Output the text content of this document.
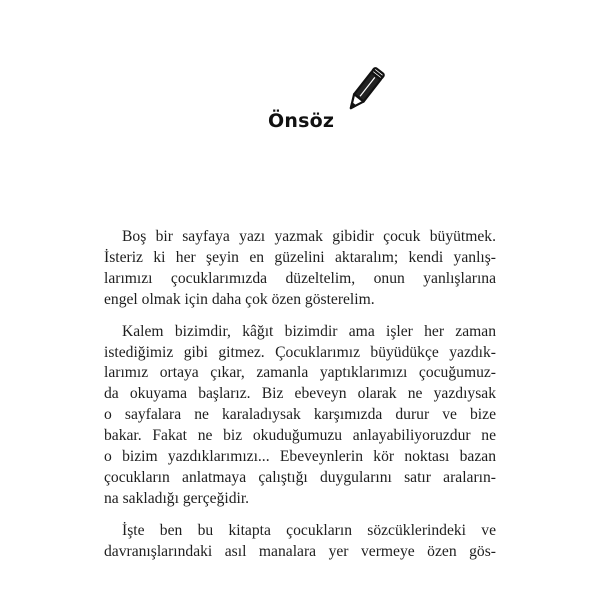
Önsöz

Boş bir sayfaya yazı yazmak gibidir çocuk büyütmek.
İsteriz ki her şeyin en güzelini aktaralım; kendi yanlış-
larımızı çocuklarımızda düzeltelim, onun yanlışlarına
engel olmak için daha çok özen gösterelim.

Kalem bizimdir, kâğıt bizimdir ama işler her zaman
istediğimiz gibi gitmez. Çocuklarımız büyüdükçe yazdık-
larımız ortaya çıkar, zamanla yaptıklarımızı çocuğumuz-
da okuyama başlarız. Biz ebeveyn olarak ne yazdıysak
o sayfalara ne karaladıysak karşımızda durur ve bize
bakar. Fakat ne biz okuduğumuzu anlayabiliyoruzdur ne
o bizim yazdıklarımızı... Ebeveynlerin kör noktası bazan
çocukların anlatmaya çalıştığı duygularını satır araların-
na sakladığı gerçeğidir.

İşte ben bu kitapta çocukların sözcüklerindeki ve
davranışlarındaki asıl manalara yer vermeye özen gös-
